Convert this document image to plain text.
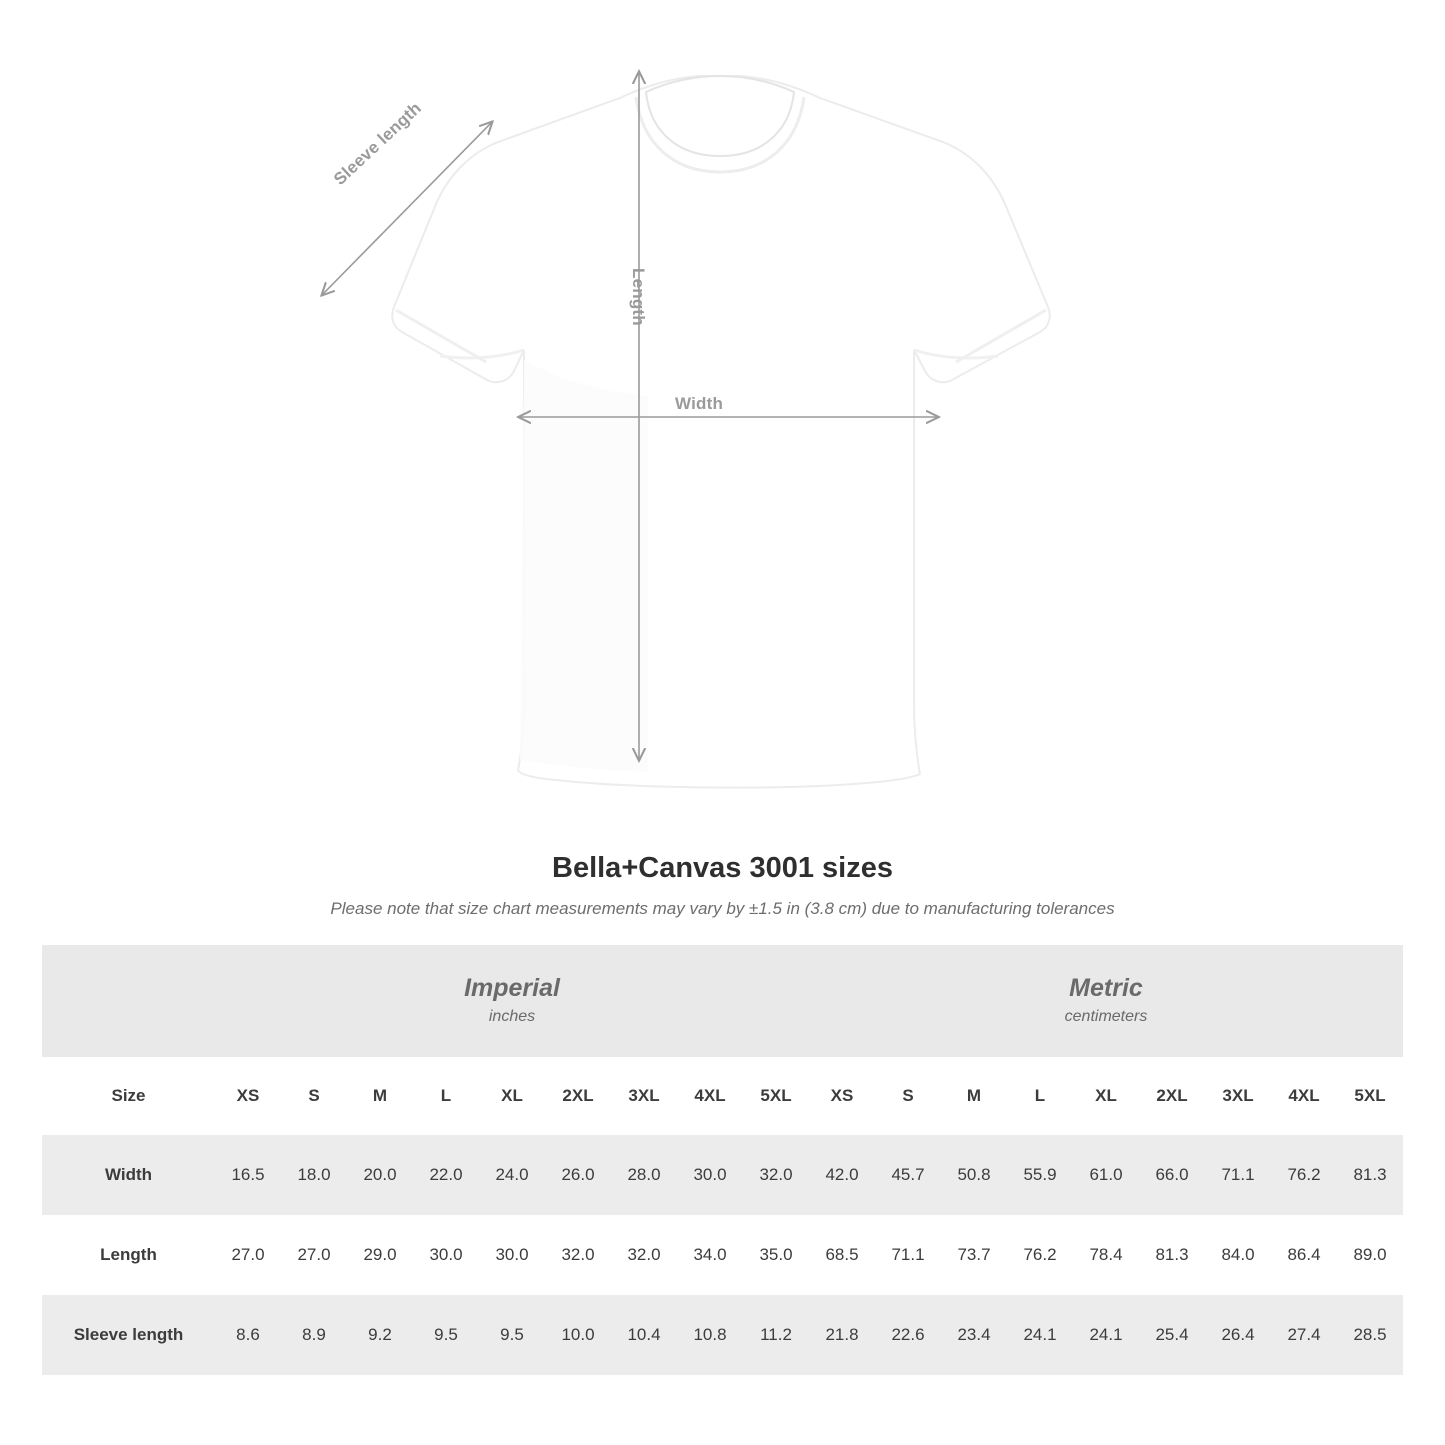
Sleeve length
Length
Width
Bella+Canvas 3001 sizes
Please note that size chart measurements may vary by ±1.5 in (3.8 cm) due to manufacturing tolerances

Imperial
inches

Metric
centimeters

Size	XS	S	M	L	XL	2XL	3XL	4XL	5XL	XS	S	M	L	XL	2XL	3XL	4XL	5XL
Width	16.5	18.0	20.0	22.0	24.0	26.0	28.0	30.0	32.0	42.0	45.7	50.8	55.9	61.0	66.0	71.1	76.2	81.3
Length	27.0	27.0	29.0	30.0	30.0	32.0	32.0	34.0	35.0	68.5	71.1	73.7	76.2	78.4	81.3	84.0	86.4	89.0
Sleeve length	8.6	8.9	9.2	9.5	9.5	10.0	10.4	10.8	11.2	21.8	22.6	23.4	24.1	24.1	25.4	26.4	27.4	28.5
